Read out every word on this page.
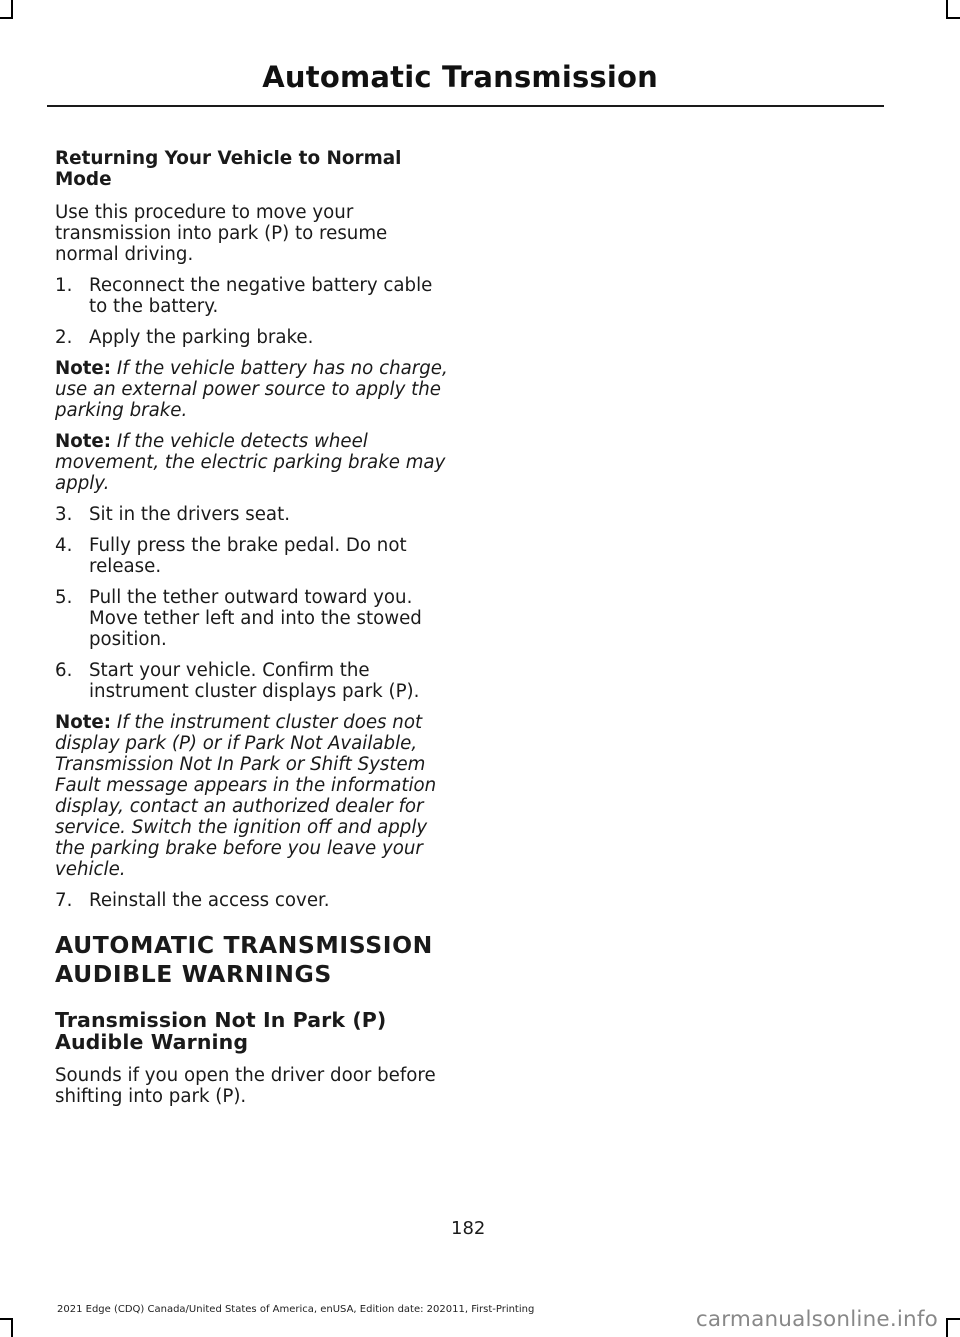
Automatic Transmission
Returning Your Vehicle to Normal Mode

Use this procedure to move your transmission into park (P) to resume normal driving.

1. Reconnect the negative battery cable to the battery.
2. Apply the parking brake.

Note: If the vehicle battery has no charge, use an external power source to apply the parking brake.

Note: If the vehicle detects wheel movement, the electric parking brake may apply.

3. Sit in the drivers seat.
4. Fully press the brake pedal. Do not release.
5. Pull the tether outward toward you. Move tether left and into the stowed position.
6. Start your vehicle. Confirm the instrument cluster displays park (P).

Note: If the instrument cluster does not display park (P) or if Park Not Available, Transmission Not In Park or Shift System Fault message appears in the information display, contact an authorized dealer for service. Switch the ignition off and apply the parking brake before you leave your vehicle.

7. Reinstall the access cover.
AUTOMATIC TRANSMISSION
AUDIBLE WARNINGS
Transmission Not In Park (P) Audible Warning

Sounds if you open the driver door before shifting into park (P).

182
2021 Edge (CDQ) Canada/United States of America, enUSA, Edition date: 202011, First-Printing	carmanualsonline.info
